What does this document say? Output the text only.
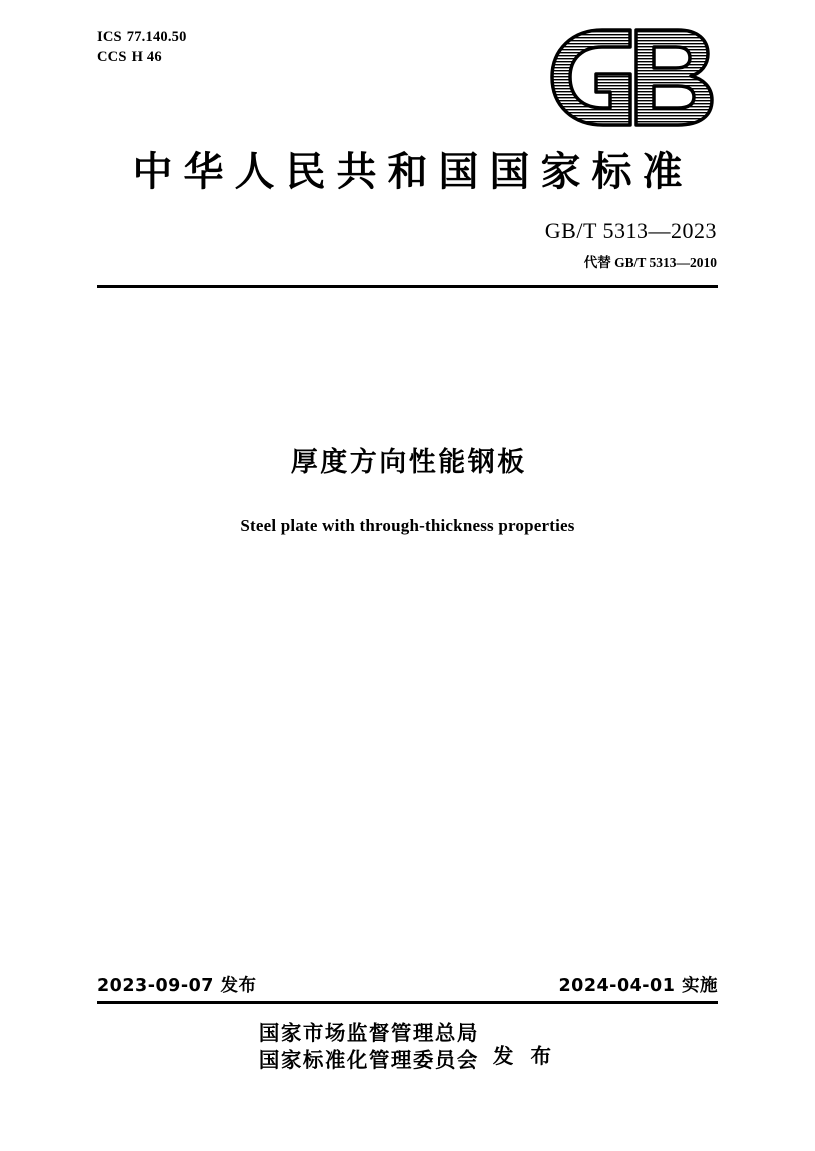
ICS 77.140.50
CCS H 46
中华人民共和国国家标准
GB/T 5313—2023
代替 GB/T 5313—2010
厚度方向性能钢板
Steel plate with through-thickness properties
2023-09-07 发布	2024-04-01 实施
国家市场监督管理总局
国家标准化管理委员会 发 布
